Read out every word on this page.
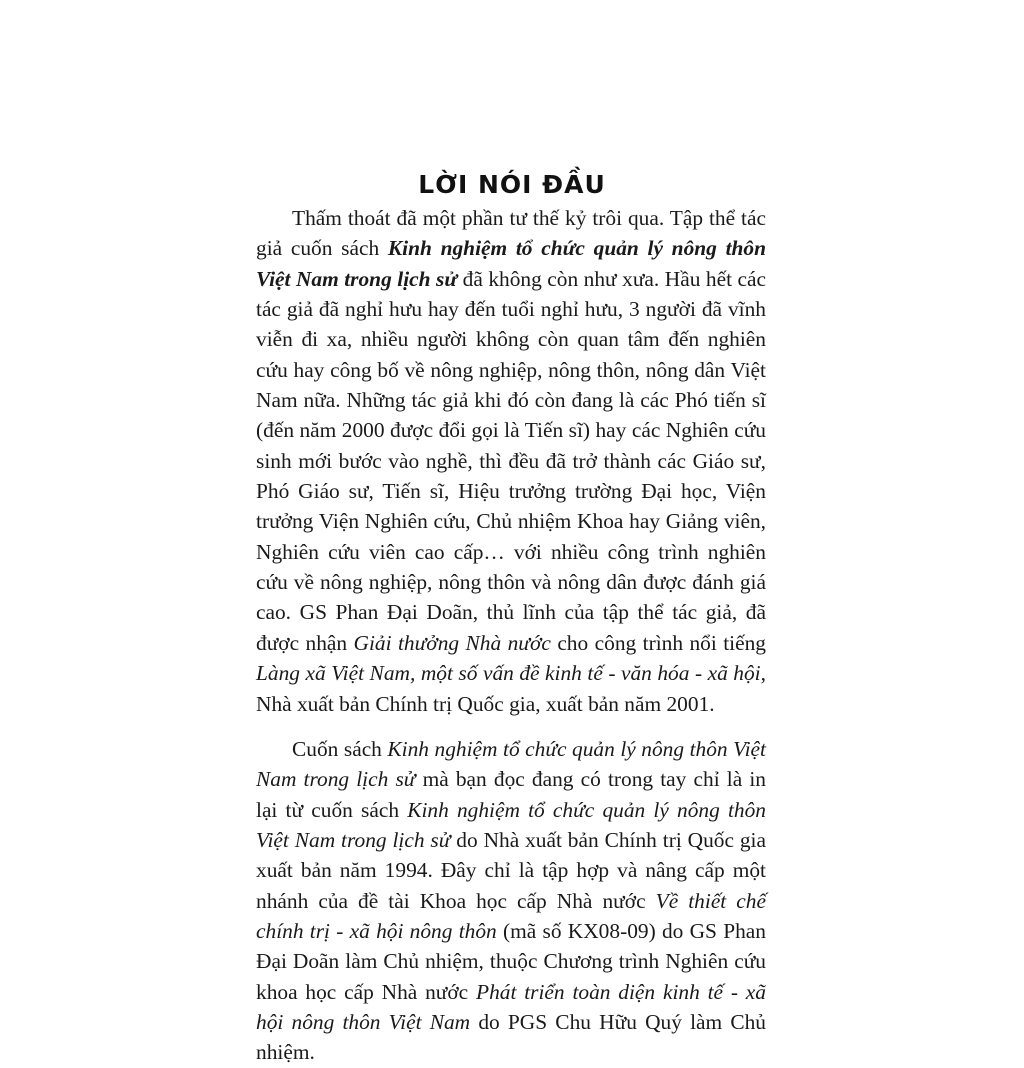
LỜI NÓI ĐẦU

Thấm thoát đã một phần tư thế kỷ trôi qua. Tập thể tác giả cuốn sách Kinh nghiệm tổ chức quản lý nông thôn Việt Nam trong lịch sử đã không còn như xưa. Hầu hết các tác giả đã nghỉ hưu hay đến tuổi nghỉ hưu, 3 người đã vĩnh viễn đi xa, nhiều người không còn quan tâm đến nghiên cứu hay công bố về nông nghiệp, nông thôn, nông dân Việt Nam nữa. Những tác giả khi đó còn đang là các Phó tiến sĩ (đến năm 2000 được đổi gọi là Tiến sĩ) hay các Nghiên cứu sinh mới bước vào nghề, thì đều đã trở thành các Giáo sư, Phó Giáo sư, Tiến sĩ, Hiệu trưởng trường Đại học, Viện trưởng Viện Nghiên cứu, Chủ nhiệm Khoa hay Giảng viên, Nghiên cứu viên cao cấp… với nhiều công trình nghiên cứu về nông nghiệp, nông thôn và nông dân được đánh giá cao. GS Phan Đại Doãn, thủ lĩnh của tập thể tác giả, đã được nhận Giải thưởng Nhà nước cho công trình nổi tiếng Làng xã Việt Nam, một số vấn đề kinh tế - văn hóa - xã hội, Nhà xuất bản Chính trị Quốc gia, xuất bản năm 2001.

Cuốn sách Kinh nghiệm tổ chức quản lý nông thôn Việt Nam trong lịch sử mà bạn đọc đang có trong tay chỉ là in lại từ cuốn sách Kinh nghiệm tổ chức quản lý nông thôn Việt Nam trong lịch sử do Nhà xuất bản Chính trị Quốc gia xuất bản năm 1994. Đây chỉ là tập hợp và nâng cấp một nhánh của đề tài Khoa học cấp Nhà nước Về thiết chế chính trị - xã hội nông thôn (mã số KX08-09) do GS Phan Đại Doãn làm Chủ nhiệm, thuộc Chương trình Nghiên cứu khoa học cấp Nhà nước Phát triển toàn diện kinh tế - xã hội nông thôn Việt Nam do PGS Chu Hữu Quý làm Chủ nhiệm.
